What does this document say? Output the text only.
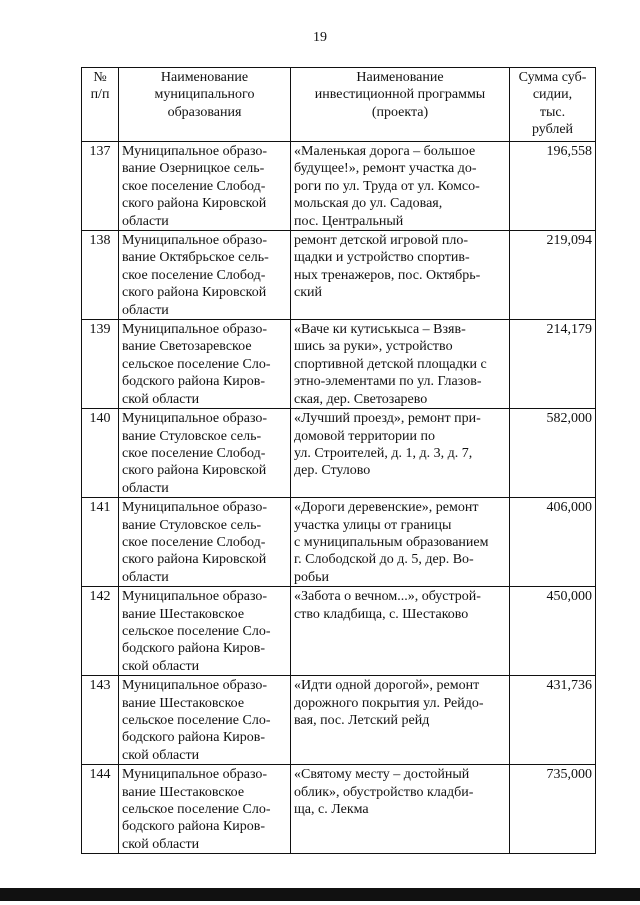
19
№
п/п	Наименование
муниципального
образования	Наименование
инвестиционной программы
(проекта)	Сумма суб-
сидии,
тыс.
рублей
137	Муниципальное образо-
вание Озерницкое сель-
ское поселение Слобод-
ского района Кировской
области	«Маленькая дорога – большое
будущее!», ремонт участка до-
роги по ул. Труда от ул. Комсо-
мольская до ул. Садовая,
пос. Центральный	196,558
138	Муниципальное образо-
вание Октябрьское сель-
ское поселение Слобод-
ского района Кировской
области	ремонт детской игровой пло-
щадки и устройство спортив-
ных тренажеров, пос. Октябрь-
ский	219,094
139	Муниципальное образо-
вание Светозаревское
сельское поселение Сло-
бодского района Киров-
ской области	«Ваче ки кутиськыса – Взяв-
шись за руки», устройство
спортивной детской площадки с
этно-элементами по ул. Глазов-
ская, дер. Светозарево	214,179
140	Муниципальное образо-
вание Стуловское сель-
ское поселение Слобод-
ского района Кировской
области	«Лучший проезд», ремонт при-
домовой территории по
ул. Строителей, д. 1, д. 3, д. 7,
дер. Стулово	582,000
141	Муниципальное образо-
вание Стуловское сель-
ское поселение Слобод-
ского района Кировской
области	«Дороги деревенские», ремонт
участка улицы от границы
с муниципальным образованием
г. Слободской до д. 5, дер. Во-
робьи	406,000
142	Муниципальное образо-
вание Шестаковское
сельское поселение Сло-
бодского района Киров-
ской области	«Забота о вечном...», обустрой-
ство кладбища, с. Шестаково	450,000
143	Муниципальное образо-
вание Шестаковское
сельское поселение Сло-
бодского района Киров-
ской области	«Идти одной дорогой», ремонт
дорожного покрытия ул. Рейдо-
вая, пос. Летский рейд	431,736
144	Муниципальное образо-
вание Шестаковское
сельское поселение Сло-
бодского района Киров-
ской области	«Святому месту – достойный
облик», обустройство кладби-
ща, с. Лекма	735,000
